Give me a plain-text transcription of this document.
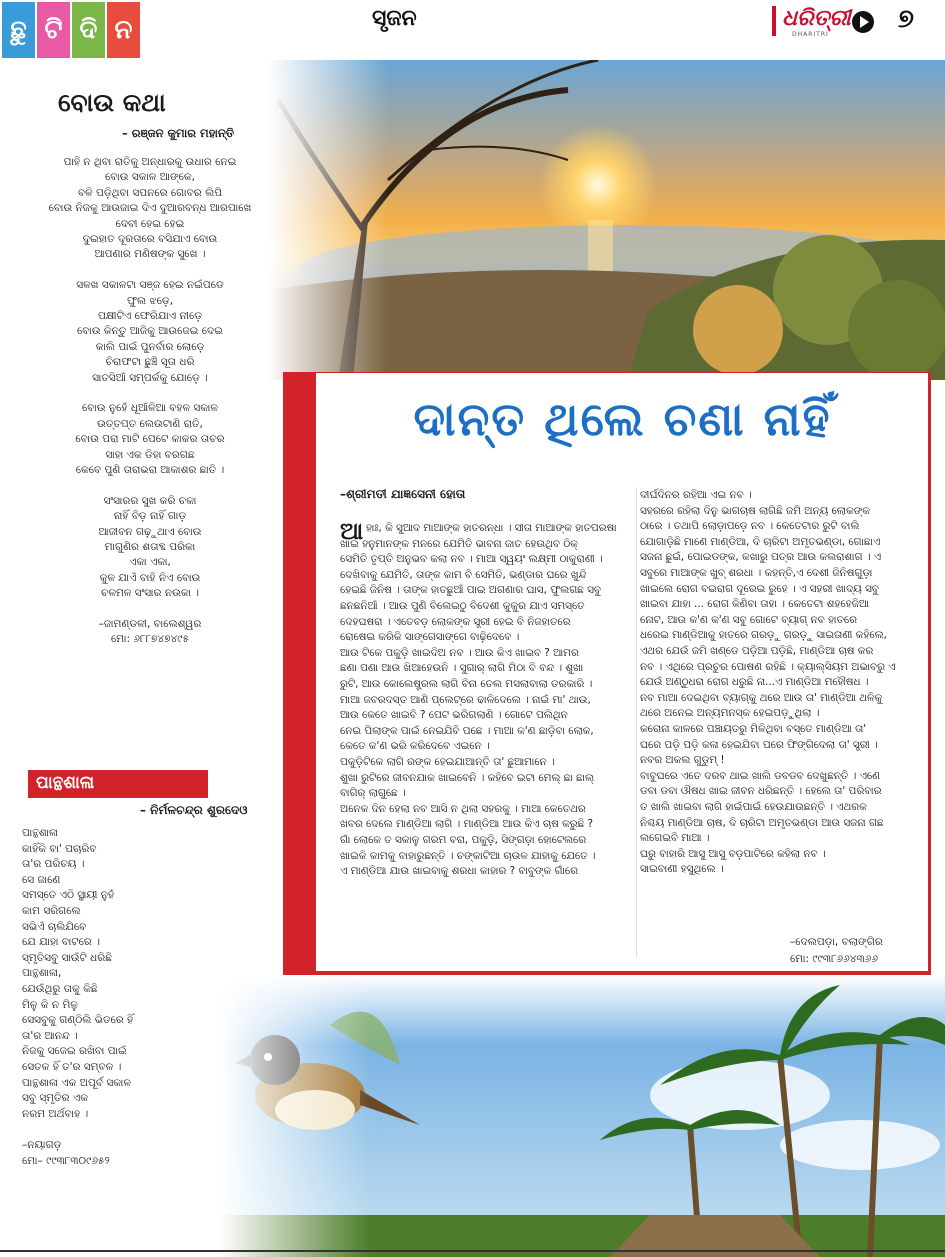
ଛୁ ଟି ଦି ନ	ସୃଜନ	ଧରିତ୍ରୀ
DHARITRI
୭
ବୋଉ କଥା
– ରଞ୍ଜନ କୁମାର ମହାନ୍ତି
ପାହି ନ ଥିବା ରାତିକୁ ଅନ୍ଧାରକୁ ଉଧାର ନେଇ
ବୋଉ ସକାଳ ଆଙ୍କେ,
ବଳି ପଡ଼ିଥିବା ସପନରେ ଗୋବର ଲିପି
ବୋଉ ନିଜକୁ ଆଉଜାଇ ଦିଏ ଦୁଆରବନ୍ଧ ଆରପାଖେ
ଦେବୀ ହେଇ ହେଇ
ଦୁଇହାତ ଦୂରତାରେ ବସିଯାଏ ବୋଉ
ଆପଣାର ମଣିଷଙ୍କ ସୁଖେ ।
ସଳଖ ସକାଳଟା ସଞ୍ଜ ହେଇ ନଇଁପଡେ
ଫୁଲ ଝଡ଼େ,
ପକ୍ଷୀଟିଏ ଫେରିଯାଏ ନୀଡ଼େ
ବୋଉ କିନ୍ତୁ ଆଜିକୁ ଆଉଜେଇ ଦେଇ
କାଲି ପାଇଁ ପୁନର୍ବାର ଲୋଡ଼େ
ଚିରାଫଟା ଛୁଞ୍ଚି ସୂତା ଧରି
ସାତସିଆଁ ସମ୍ପର୍କକୁ ଯୋଡ଼େ ।
ବୋଉ ନୁହେଁ ଧୂଆଁଳିଆ ବହଳ ସକାଳ
ଉତ୍ତପ୍ତ ଲେଉଟାଣି ରାତି,
ବୋଉ ପରା ମାଟି ପେଟେ କାକର ତାଚର
ସାହା ଏକ ଡିହା ବରଗଛ
କେବେ ପୁଣି ତାରାଭରା ଆକାଶର ଛାତି ।
ସଂସାରର ସୁଖ କରି ଚକା
ନାହିଁ ବିଡ଼ ନାହିଁ ଗାଡ଼
ଆଜୀବନ ଗଢ଼ୁଥାଏ ବୋଉ
ମାଗୁଣିର ଶତାବ୍ଦ ପରିକା
ଏକା ଏକା,
କୁଳ ଯାଏଁ ବାହି ନିଏ ବୋଉ
ଚଳମଳ ସଂସାର ନଉକା ।
–ଜାମଣ୍ଡଳୀ, ବାଲେଶ୍ୱର
ମୋ: ୬୮୮୭୪୭୪୯୫
ପାନ୍ଥଶାଳା
– ନିର୍ମଳଚନ୍ଦ୍ର ଶୁରଦେଓ
ପାନ୍ଥଶାଳା
କାହିଁକି ବା' ପଚାରିବ
ତା'ର ପରିଚୟ ।
ସେ ଜାଣେ
ସମସ୍ତେ ଏଠି ସ୍ଥାୟୀ ନୁହଁ
କାମ ସରିଗଲେ
ସଭିଏଁ ଚାଲିଯିବେ
ଯେ ଯାହା ବାଟରେ ।
ସ୍ମୃତିସବୁ ସାଉଁଟି ଧରିଛି
ପାନ୍ଥଶାଳା,
ଯେଉଁଥିରୁ ତାକୁ କିଛି
ମିଳୁ କି ନ ମିଳୁ
ସେସବୁକୁ ଗଣ୍ଠିଲି ଭିତରେ ହିଁ
ତା'ର ଆନନ୍ଦ ।
ନିଜକୁ ସଜେଇ ରଖିବା ପାଇଁ
ସେତକ ହିଁ ତ'ର ସମ୍ବଳ ।
ପାନ୍ଥଶାଳା ଏକ ଅପୂର୍ବ ସକାଳ
ସବୁ ସ୍ମୃତିର ଏକ
ନରମ ଅର୍ଥବାହ ।
–ନୟାଗଡ଼
ମୋ– ୯୯୩୮୩୦୯୬୫୨
ଦାନ୍ତ ଥିଲେ ଚଣା ନାହିଁ
–ଶ୍ରୀମତୀ ଯାଜ୍ଞସେନୀ ହୋତା
ଆ ହାଃ, କି ସୁଆଦ ମାଆଙ୍କ ହାତରନ୍ଧା । ସୀତା ମାଆଙ୍କ ହାତପରଷା
ଖାଇ ହନୁମାନଙ୍କ ମନରେ ଯେମିତି ଭାବନା ଜାତ ହେଉଥିବ ଠିକ୍
ସେମିତି ତୃପ୍ତି ଅନୁଭବ କଲା ନବ । ମାଆ ସ୍ୱୟଂ ଲକ୍ଷ୍ମୀ ଠାକୁରାଣୀ ।
ଦେଖିବାକୁ ଯେମିତି, ତାଙ୍କ କାମ ବି ସେମିତି, ଭଣ୍ଡାର ଘରେ ଖୁନ୍ଦି
ହେଇଛି ଜିନିଷ । ତାଙ୍କ ହାତଛୁଆଁ ପାଇ ଅଗଣାର ଘାସ, ଫୁଲଗଛ ସବୁ
ଛନଛନିଆଁ । ଆଉ ପୁଣି ବିଲେଇଠୁ ବିଦେଶୀ କୁକୁର ଯାଏ ସମସ୍ତେ
ଦେହଘଷରା । ଏତେବଡ଼ ଲୋକଙ୍କ ସ୍ତ୍ରୀ ହେଇ ବି ନିଜହାତରେ
ରୋଷେଇ କରିକି ସାଙ୍ଗେସାଙ୍ଗେ ବାଢ଼ିଦେବେ ।
ଆଉ ଟିକେ ପକୁଡ଼ି ଖାଇଦିଅ ନବ । ଆଉ କିଏ ଖାଇବ ? ଆମର
ଛଣା ପଣା ଆଉ ଖିଆହେଉନି । ସୁଗାର୍ ଲାଗି ମିଠା ବି ବନ୍ଦ । ଶୁଖା
ରୁଟି, ଆଉ କୋଲେଷ୍ଟ୍ରଲ ଲାଗି ବିନା ତେଲ ମସଲାବାଲା ତରକାରି ।
ମାଆ ଜବରଦସ୍ତ ଆଣି ପ୍ଲେଟ୍‌ରେ ଢାଳିଦେଲେ । ନାଇଁ ମା' ଥାଉ,
ଆଉ କେତେ ଖାଇବି ? ପେଟ ଭରିଗଲାଣି । ଗୋଟେ ପଲିଥିନ
ନେଇ ପିଲାଙ୍କ ପାଇଁ ନେଇଯିବି ପଛେ । ମାଆ କ'ଣ ଛାଡ଼ିବା ଲୋକ,
କେତେ କ'ଣ ଭରି କରିଦେବେ ଏଇନେ ।
ପକୁଡ଼ିଟିକେ ଲାଗି ରଙ୍କ ହେଇଯାଆନ୍ତି ତା' ଛୁଆମାନେ ।
ଶୁଖା ରୁଟିରେ ଜୀବନଯାକ ଖାଇବେନି । କହିବେ ଇଟା ମେଲ୍ ଛା ଛାଲ୍
ବାଗିର୍ ଲାଗୁଛେ ।
ଅନେକ ଦିନ ହେଲା ନବ ଆସି ନ ଥିଲା ସହରକୁ । ମାଆ କେତେଥର
ଖବର ଦେଲେ ମାଣ୍ଡିଆ ଲାଗି । ମାଣ୍ଡିଆ ଆଉ କିଏ ଚାଷ କରୁଛି ?
ଗାଁ ଲୋକେ ତ ସକାଳୁ ଗରମ ବରା, ପକୁଡ଼ି, ସିଙ୍ଗଡ଼ା ହୋଟେଲରେ
ଖାଇକି କାମକୁ ବାହାରୁଛନ୍ତି । ଚଙ୍କାଟିଆ ଚାଉଳ ଯାହାକୁ ଯେତେ ।
ଏ ମାଣ୍ଡିଆ ଯାଉ ଖାଇବାକୁ ଶରଧା କାହାର ? ବାବୁଙ୍କ ଗାଁରେ
ଦୀର୍ଘଦିନର ରହିଆ ଏଇ ନବ ।
ସହରରେ ରହିଲା ଦିନୁ ଭାଗଚାଷ ଲାଗିଛି ଜମି ଅନ୍ୟ ଲୋକଙ୍କ
ଠାରେ । ତଥାପି ଲୋଡ଼ାପଡ଼େ ନବ । କେତେଟାର ରୁଟି ବାଲି
ଯୋଗାଡ଼ିଛି ମାଣେ ମାଣ୍ଡିଆ, ଦି ଚାରିଟା ଅମୃତଭଣ୍ଡା, ଗୋଛାଏ
ସଜନା ଛୁଇଁ, ପୋଇଡଙ୍କ, କଖାରୁ ପତ୍ର ଆଉ କଲରାଶାଗ । ଏ
ସବୁରେ ମାଆଙ୍କ ଖୁବ୍ ଶରଧା । କହନ୍ତି,ଏ ଦେଶୀ ଜିନିଷଗୁଡ଼ା
ଖାଇଲେ ରୋଗ ବଇରାଗ ଦୂରେଇ ରୁହେ । ଏ ସହରୀ ଖାଦ୍ୟ ସବୁ
ଖାଇବା ଯାହା ... ରୋଗ କିଣିବା ତାହା । କେତେଟା ଶହହେଜିଆ
ନୋଟ, ଆଉ କ'ଣ କ'ଣ ସବୁ ଗୋଟେ ବ୍ୟାଗ୍ ନବ ହାତରେ
ଧରେଇ ମାଣ୍ଡିଆକୁ ହାତରେ ଗରଡ଼ୁ ଗରଡ଼ୁ ସାଇତାଣୀ କହିଲେ,
ଏଥର ଯେଉଁ ଜମି ଖଣ୍ଡେ ପଡ଼ିଆ ପଡ଼ିଛି, ମାଣ୍ଡିଆ ଚାଷ କର
ନବ । ଏଥିରେ ପ୍ରଚୁର ପୋଷଣ ରହିଛି । କ୍ୟାଲ୍‌ସିୟମ ଅଭାବରୁ ଏ
ଯେଉଁ ଅଣ୍ଠୁଧରା ରୋଗ ଧରୁଛି ନା...ଏ ମାଣ୍ଡିଆ ମହୌଷଧ ।
ନବ ମାଆ ଦେଇଥିବା ବ୍ୟାଗ୍‌କୁ ଥରେ ଆଉ ତା' ମାଣ୍ଡିଆ ଥଳିକୁ
ଥରେ ଅନେଇ ଅନ୍ୟମନସ୍କ ହେଇପଡ଼ୁଥିଲା ।
କରୋନା କାଳରେ ପଞ୍ଚାୟତରୁ ମିଳିଥିବା ବସ୍ତେ ମାଣ୍ଡିଆ ତା'
ଘରେ ପଡ଼ି ପଡ଼ି କଳା ହେଇଯିବା ପରେ ଫିଙ୍ଗିଦେଲା ତା' ସ୍ତ୍ରୀ ।
ନବର ଅକଲ ଗୁଡୁମ୍ !
ବାବୁଘରେ ଏତେ ଦରବ ଥାଇ ଖାଲି ଡବଡବ ଦେଖୁଛନ୍ତି । ଏଣେ
ଡବା ଡବା ଔଷଧ ଖାଇ ଜୀବନ ଧରିଛନ୍ତି । ହେଲେ ତା' ପରିବାର
ତ ଖାଲି ଖାଇବା ଲାଗି ହାଇଁପାଇଁ ହେଉଯାଉଛନ୍ତି । ଏଥରକ
ନିଶ୍ଚୟ ମାଣ୍ଡିଆ ଚାଷ, ଦି ଚାରିଟା ଅମୃତଭଣ୍ଡା ଆଉ ସଜନା ଗଛ
ଲଗେଇବି ମାଆ ।
ଘରୁ ବାହାରି ଆସୁ ଆସୁ ବଡ଼ପାଟିରେ କହିଲା ନବ ।
ସାଇବାଣୀ ହସୁଥିଲେ ।
–ଦେଲପଡ଼ା, ବଲାଙ୍ଗିର
ମୋ: ୯୯୩୮୬୬୪୩୬୬
